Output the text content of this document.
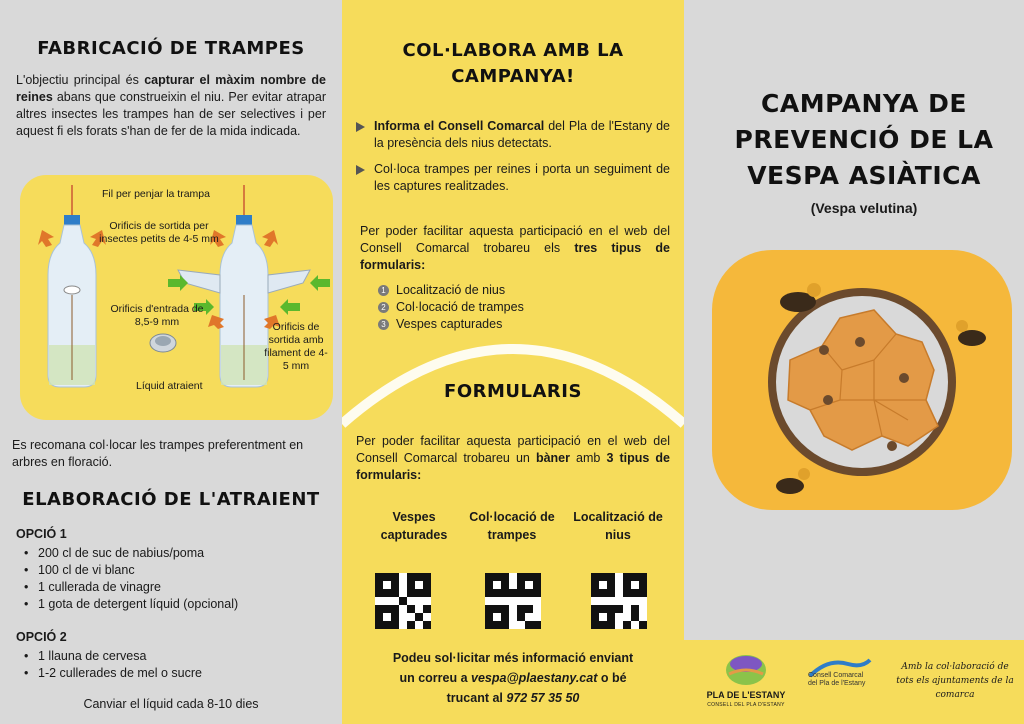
FABRICACIÓ DE TRAMPES

L'objectiu principal és capturar el màxim nombre de reines abans que construeixin el niu. Per evitar atrapar altres insectes les trampes han de ser selectives i per aquest fi els forats s'han de fer de la mida indicada.

Fil per penjar la trampa
Orificis de sortida per insectes petits de 4-5 mm
Orificis d'entrada de 8,5-9 mm	Orificis de sortida amb filament de 4-5 mm
Líquid atraient

Es recomana col·locar les trampes preferentment en arbres en floració.

ELABORACIÓ DE L'ATRAIENT
OPCIÓ 1
• 200 cl de suc de nabius/poma
• 100 cl de vi blanc
• 1 cullerada de vinagre
• 1 gota de detergent líquid (opcional)
OPCIÓ 2
• 1 llauna de cervesa
• 1-2 cullerades de mel o sucre
Canviar el líquid cada 8-10 dies
COL·LABORA AMB LA CAMPANYA!
Informa el Consell Comarcal del Pla de l'Estany de la presència dels nius detectats.
Col·loca trampes per reines i porta un seguiment de les captures realitzades.

Per poder facilitar aquesta participació en el web del Consell Comarcal trobareu els tres tipus de formularis:

1 Localització de nius
2 Col·locació de trampes
3 Vespes capturades
FORMULARIS

Per poder facilitar aquesta participació en el web del Consell Comarcal trobareu un bàner amb 3 tipus de formularis:

Vespes capturades
Col·locació de trampes
Localització de nius
Podeu sol·licitar més informació enviant
un correu a vespa@plaestany.cat o bé
trucant al 972 57 35 50
CAMPANYA DE
PREVENCIÓ DE LA
VESPA ASIÀTICA
(Vespa velutina)
PLA DE L'ESTANY
CONSELL DEL PLA D'ESTANY
Consell Comarcal
del Pla de l'Estany
Amb la col·laboració de tots els ajuntaments de la comarca
